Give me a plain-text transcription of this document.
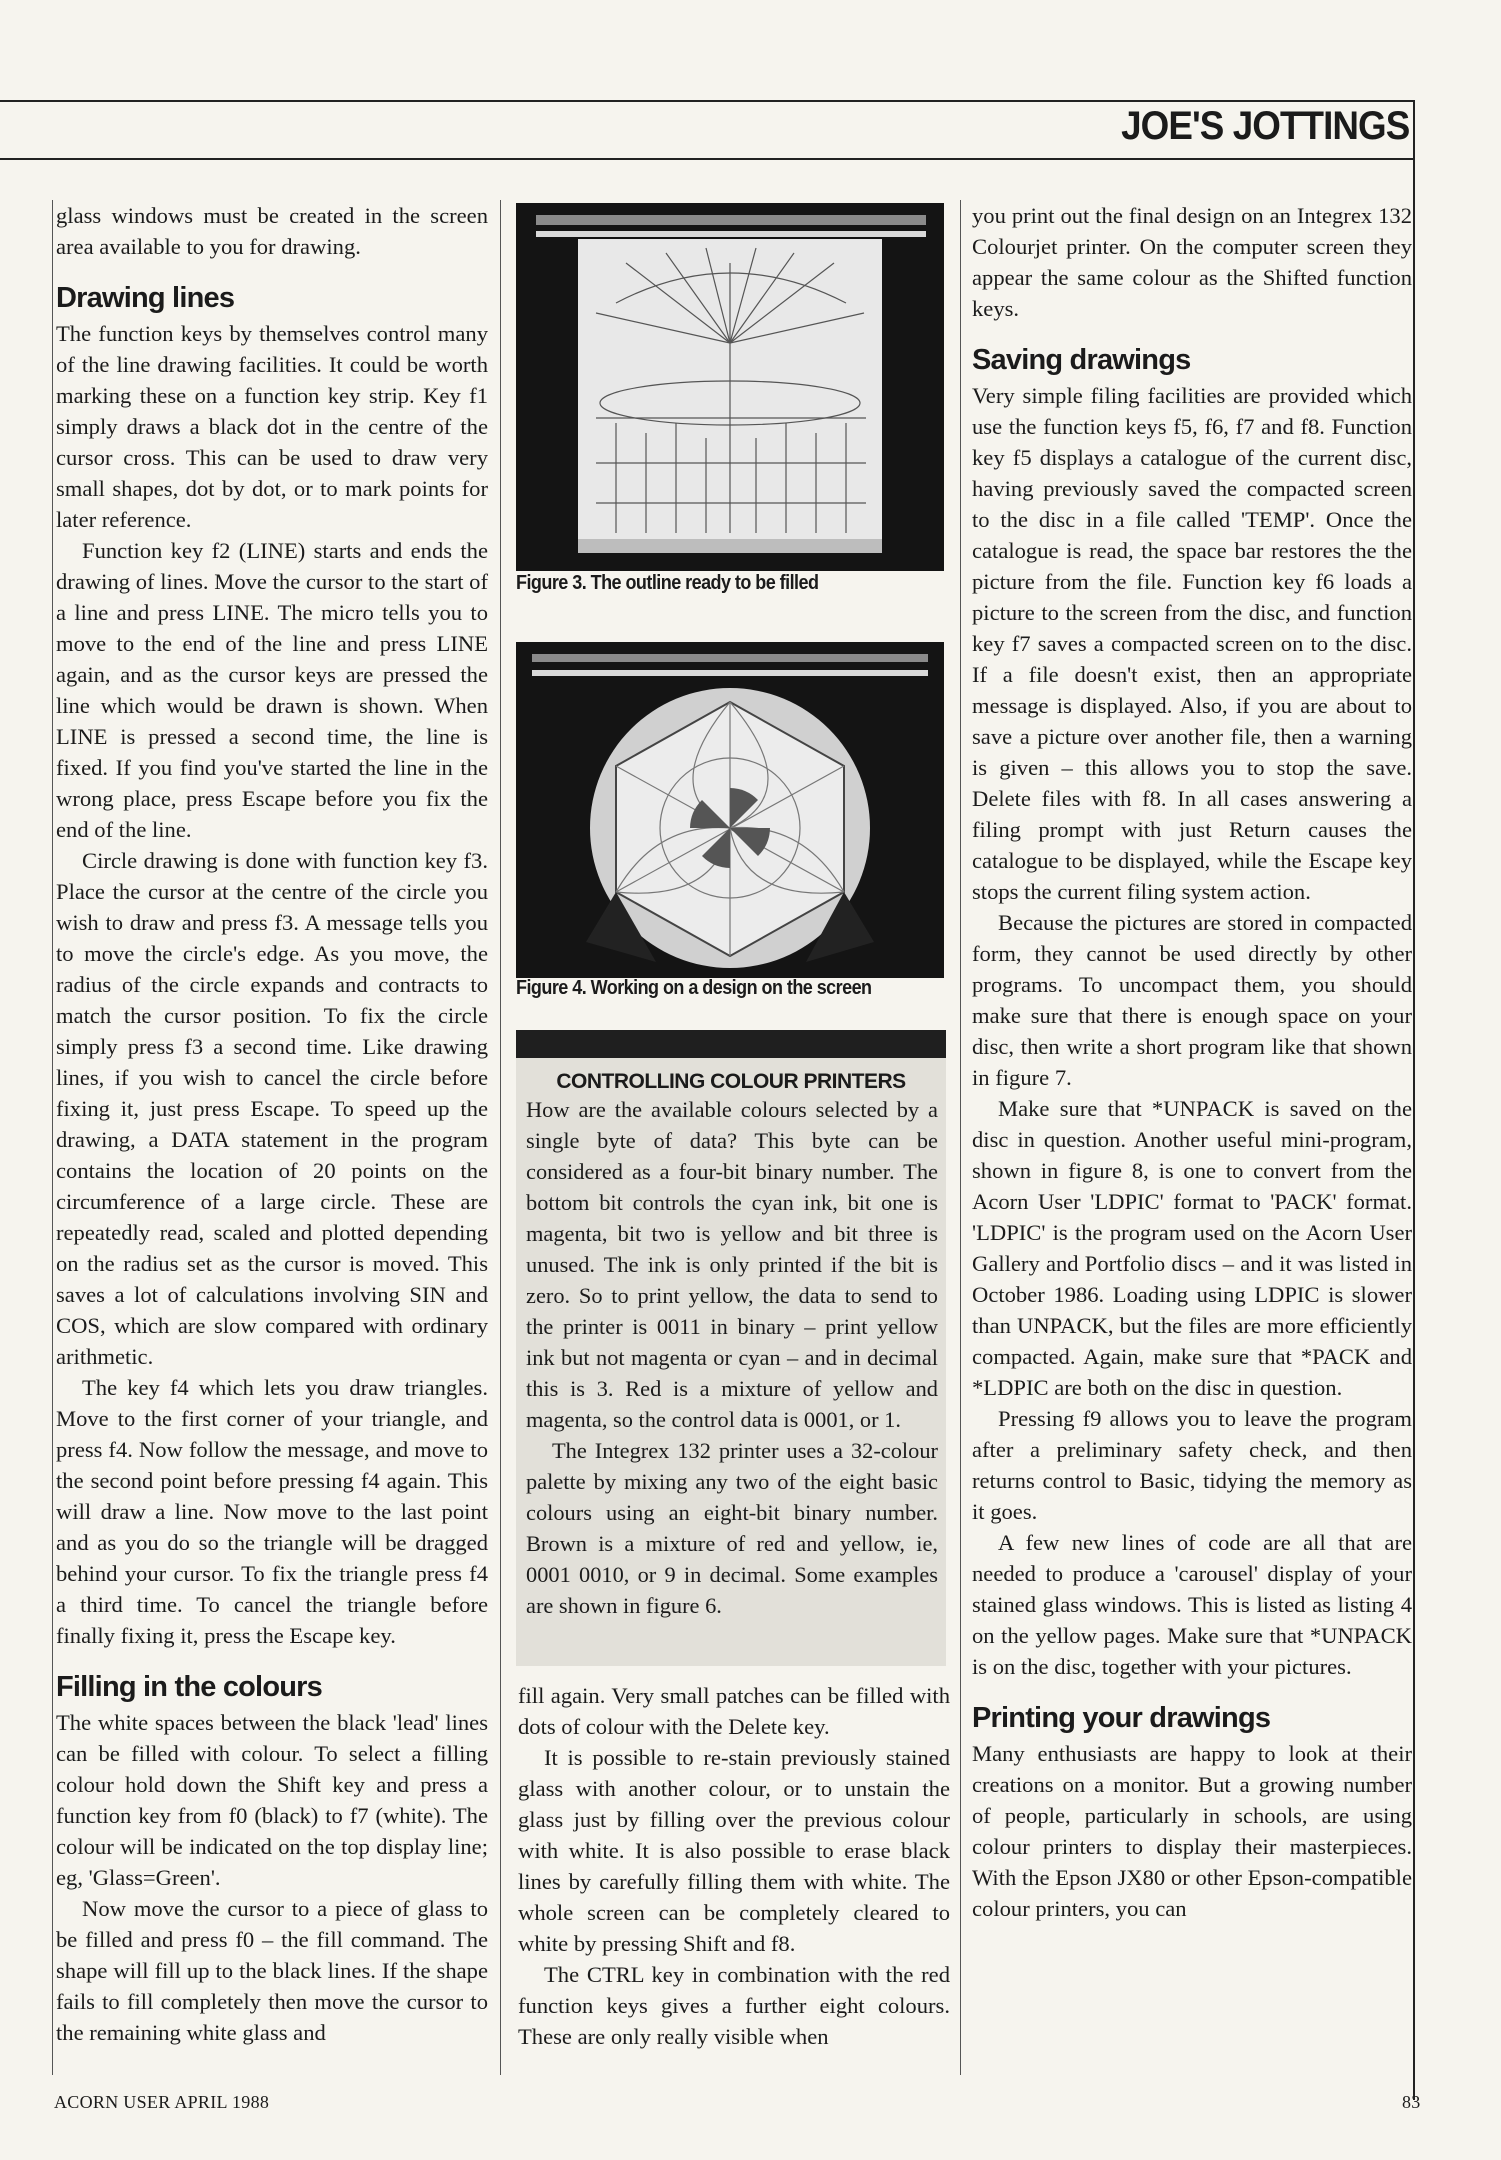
JOE'S JOTTINGS

glass windows must be created in the screen area available to you for drawing.

Drawing lines

The function keys by themselves control many of the line drawing facilities. It could be worth marking these on a function key strip. Key f1 simply draws a black dot in the centre of the cursor cross. This can be used to draw very small shapes, dot by dot, or to mark points for later reference.

Function key f2 (LINE) starts and ends the drawing of lines. Move the cursor to the start of a line and press LINE. The micro tells you to move to the end of the line and press LINE again, and as the cursor keys are pressed the line which would be drawn is shown. When LINE is pressed a second time, the line is fixed. If you find you've started the line in the wrong place, press Escape before you fix the end of the line.

Circle drawing is done with function key f3. Place the cursor at the centre of the circle you wish to draw and press f3. A message tells you to move the circle's edge. As you move, the radius of the circle expands and contracts to match the cursor position. To fix the circle simply press f3 a second time. Like drawing lines, if you wish to cancel the circle before fixing it, just press Escape. To speed up the drawing, a DATA statement in the program contains the location of 20 points on the circumference of a large circle. These are repeatedly read, scaled and plotted depending on the radius set as the cursor is moved. This saves a lot of calculations involving SIN and COS, which are slow compared with ordinary arithmetic.

The key f4 which lets you draw triangles. Move to the first corner of your triangle, and press f4. Now follow the message, and move to the second point before pressing f4 again. This will draw a line. Now move to the last point and as you do so the triangle will be dragged behind your cursor. To fix the triangle press f4 a third time. To cancel the triangle before finally fixing it, press the Escape key.

Filling in the colours

The white spaces between the black 'lead' lines can be filled with colour. To select a filling colour hold down the Shift key and press a function key from f0 (black) to f7 (white). The colour will be indicated on the top display line; eg, 'Glass=Green'.

Now move the cursor to a piece of glass to be filled and press f0 – the fill command. The shape will fill up to the black lines. If the shape fails to fill completely then move the cursor to the remaining white glass and

Figure 3. The outline ready to be filled
Figure 4. Working on a design on the screen
CONTROLLING COLOUR PRINTERS

How are the available colours selected by a single byte of data? This byte can be considered as a four-bit binary number. The bottom bit controls the cyan ink, bit one is magenta, bit two is yellow and bit three is unused. The ink is only printed if the bit is zero. So to print yellow, the data to send to the printer is 0011 in binary – print yellow ink but not magenta or cyan – and in decimal this is 3. Red is a mixture of yellow and magenta, so the control data is 0001, or 1.

The Integrex 132 printer uses a 32-colour palette by mixing any two of the eight basic colours using an eight-bit binary number. Brown is a mixture of red and yellow, ie, 0001 0010, or 9 in decimal. Some examples are shown in figure 6.

fill again. Very small patches can be filled with dots of colour with the Delete key.

It is possible to re-stain previously stained glass with another colour, or to unstain the glass just by filling over the previous colour with white. It is also possible to erase black lines by carefully filling them with white. The whole screen can be completely cleared to white by pressing Shift and f8.

The CTRL key in combination with the red function keys gives a further eight colours. These are only really visible when

you print out the final design on an Integrex 132 Colourjet printer. On the computer screen they appear the same colour as the Shifted function keys.

Saving drawings

Very simple filing facilities are provided which use the function keys f5, f6, f7 and f8. Function key f5 displays a catalogue of the current disc, having previously saved the compacted screen to the disc in a file called 'TEMP'. Once the catalogue is read, the space bar restores the the picture from the file. Function key f6 loads a picture to the screen from the disc, and function key f7 saves a compacted screen on to the disc. If a file doesn't exist, then an appropriate message is displayed. Also, if you are about to save a picture over another file, then a warning is given – this allows you to stop the save. Delete files with f8. In all cases answering a filing prompt with just Return causes the catalogue to be displayed, while the Escape key stops the current filing system action.

Because the pictures are stored in compacted form, they cannot be used directly by other programs. To uncompact them, you should make sure that there is enough space on your disc, then write a short program like that shown in figure 7.

Make sure that *UNPACK is saved on the disc in question. Another useful mini-program, shown in figure 8, is one to convert from the Acorn User 'LDPIC' format to 'PACK' format. 'LDPIC' is the program used on the Acorn User Gallery and Portfolio discs – and it was listed in October 1986. Loading using LDPIC is slower than UNPACK, but the files are more efficiently compacted. Again, make sure that *PACK and *LDPIC are both on the disc in question.

Pressing f9 allows you to leave the program after a preliminary safety check, and then returns control to Basic, tidying the memory as it goes.

A few new lines of code are all that are needed to produce a 'carousel' display of your stained glass windows. This is listed as listing 4 on the yellow pages. Make sure that *UNPACK is on the disc, together with your pictures.

Printing your drawings

Many enthusiasts are happy to look at their creations on a monitor. But a growing number of people, particularly in schools, are using colour printers to display their masterpieces. With the Epson JX80 or other Epson-compatible colour printers, you can

ACORN USER APRIL 1988	83
